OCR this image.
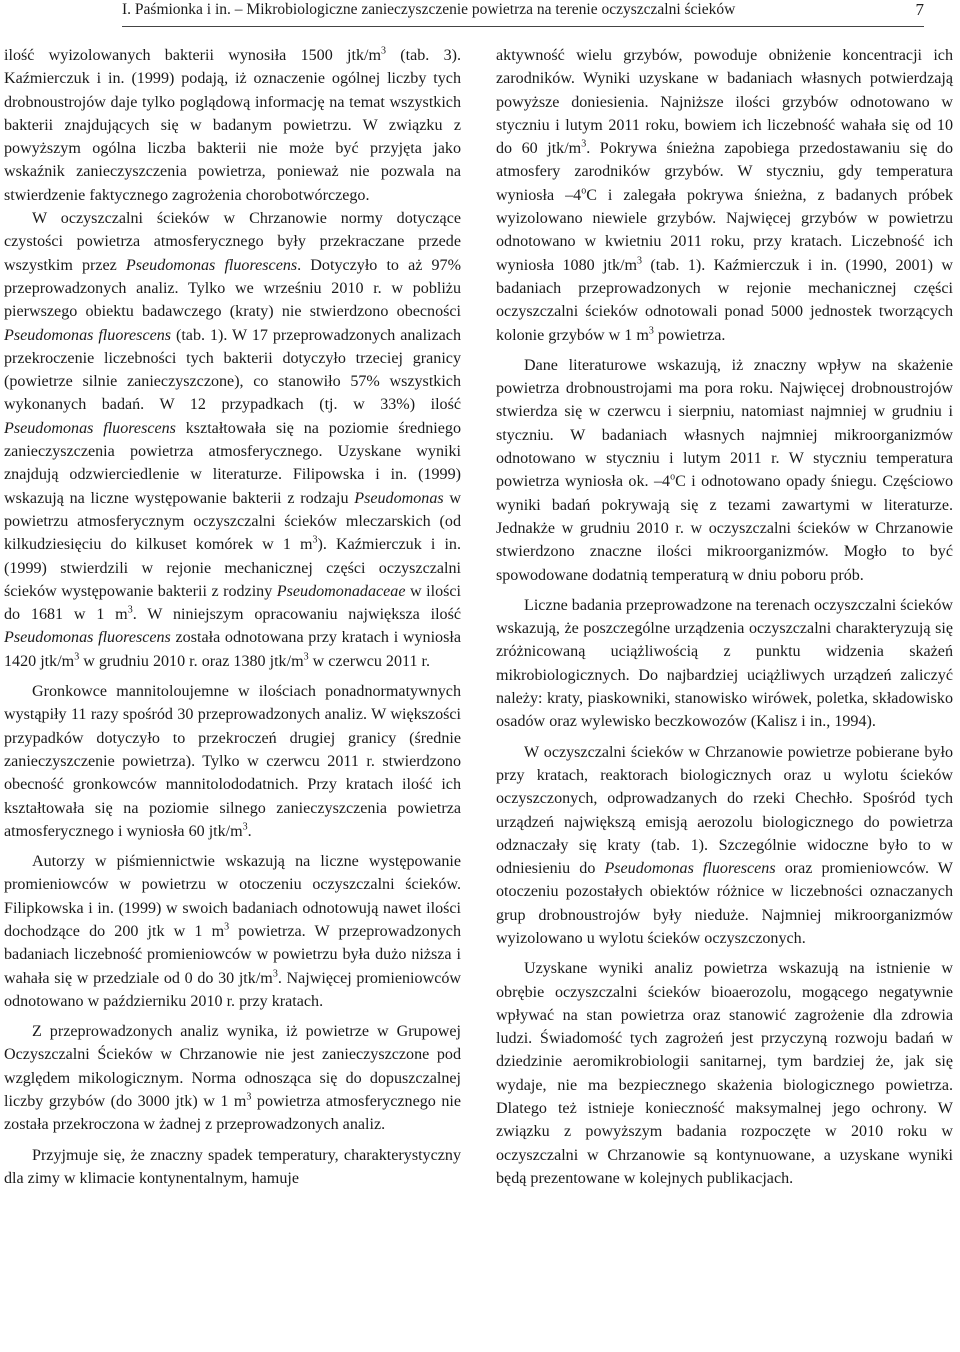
I. Paśmionka i in. – Mikrobiologiczne zanieczyszczenie powietrza na terenie oczyszczalni ścieków	7

ilość wyizolowanych bakterii wynosiła 1500 jtk/$m^3$ (tab. 3). Kaźmierczuk i in. (1999) podają, iż oznaczenie ogólnej liczby tych drobnoustrojów daje tylko poglądową informację na temat wszystkich bakterii znajdujących się w badanym powietrzu. W związku z powyższym ogólna liczba bakterii nie może być przyjęta jako wskaźnik zanieczyszczenia powietrza, ponieważ nie pozwala na stwierdzenie faktycznego zagrożenia chorobotwórczego.

W oczyszczalni ścieków w Chrzanowie normy dotyczące czystości powietrza atmosferycznego były przekraczane przede wszystkim przez Pseudomonas fluorescens. Dotyczyło to aż 97% przeprowadzonych analiz. Tylko we wrześniu 2010 r. w pobliżu pierwszego obiektu badawczego (kraty) nie stwierdzono obecności Pseudomonas fluorescens (tab. 1). W 17 przeprowadzonych analizach przekroczenie liczebności tych bakterii dotyczyło trzeciej granicy (powietrze silnie zanieczyszczone), co stanowiło 57% wszystkich wykonanych badań. W 12 przypadkach (tj. w 33%) ilość Pseudomonas fluorescens kształtowała się na poziomie średniego zanieczyszczenia powietrza atmosferycznego. Uzyskane wyniki znajdują odzwierciedlenie w literaturze. Filipowska i in. (1999) wskazują na liczne występowanie bakterii z rodzaju Pseudomonas w powietrzu atmosferycznym oczyszczalni ścieków mleczarskich (od kilkudziesięciu do kilkuset komórek w 1 $m^3$). Kaźmierczuk i in. (1999) stwierdzili w rejonie mechanicznej części oczyszczalni ścieków występowanie bakterii z rodziny Pseudomonadaceae w ilości do 1681 w 1 $m^3$. W niniejszym opracowaniu największa ilość Pseudomonas fluorescens została odnotowana przy kratach i wyniosła 1420 jtk/$m^3$ w grudniu 2010 r. oraz 1380 jtk/$m^3$ w czerwcu 2011 r.

Gronkowce mannitoloujemne w ilościach ponadnormatywnych wystąpiły 11 razy spośród 30 przeprowadzonych analiz. W większości przypadków dotyczyło to przekroczeń drugiej granicy (średnie zanieczyszczenie powietrza). Tylko w czerwcu 2011 r. stwierdzono obecność gronkowców mannitolododatnich. Przy kratach ilość ich kształtowała się na poziomie silnego zanieczyszczenia powietrza atmosferycznego i wyniosła 60 jtk/$m^3$.

Autorzy w piśmiennictwie wskazują na liczne występowanie promieniowców w powietrzu w otoczeniu oczyszczalni ścieków. Filipkowska i in. (1999) w swoich badaniach odnotowują nawet ilości dochodzące do 200 jtk w 1 $m^3$ powietrza. W przeprowadzonych badaniach liczebność promieniowców w powietrzu była dużo niższa i wahała się w przedziale od 0 do 30 jtk/$m^3$. Najwięcej promieniowców odnotowano w październiku 2010 r. przy kratach.

Z przeprowadzonych analiz wynika, iż powietrze w Grupowej Oczyszczalni Ścieków w Chrzanowie nie jest zanieczyszczone pod względem mikologicznym. Norma odnosząca się do dopuszczalnej liczby grzybów (do 3000 jtk) w 1 $m^3$ powietrza atmosferycznego nie została przekroczona w żadnej z przeprowadzonych analiz.

Przyjmuje się, że znaczny spadek temperatury, charakterystyczny dla zimy w klimacie kontynentalnym, hamuje

aktywność wielu grzybów, powoduje obniżenie koncentracji ich zarodników. Wyniki uzyskane w badaniach własnych potwierdzają powyższe doniesienia. Najniższe ilości grzybów odnotowano w styczniu i lutym 2011 roku, bowiem ich liczebność wahała się od 10 do 60 jtk/$m^3$. Pokrywa śnieżna zapobiega przedostawaniu się do atmosfery zarodników grzybów. W styczniu, gdy temperatura wyniosła –4$^o$C i zalegała pokrywa śnieżna, z badanych próbek wyizolowano niewiele grzybów. Najwięcej grzybów w powietrzu odnotowano w kwietniu 2011 roku, przy kratach. Liczebność ich wyniosła 1080 jtk/$m^3$ (tab. 1). Kaźmierczuk i in. (1990, 2001) w badaniach przeprowadzonych w rejonie mechanicznej części oczyszczalni ścieków odnotowali ponad 5000 jednostek tworzących kolonie grzybów w 1 $m^3$ powietrza.

Dane literaturowe wskazują, iż znaczny wpływ na skażenie powietrza drobnoustrojami ma pora roku. Najwięcej drobnoustrojów stwierdza się w czerwcu i sierpniu, natomiast najmniej w grudniu i styczniu. W badaniach własnych najmniej mikroorganizmów odnotowano w styczniu i lutym 2011 r. W styczniu temperatura powietrza wyniosła ok. –4$^o$C i odnotowano opady śniegu. Częściowo wyniki badań pokrywają się z tezami zawartymi w literaturze. Jednakże w grudniu 2010 r. w oczyszczalni ścieków w Chrzanowie stwierdzono znaczne ilości mikroorganizmów. Mogło to być spowodowane dodatnią temperaturą w dniu poboru prób.

Liczne badania przeprowadzone na terenach oczyszczalni ścieków wskazują, że poszczególne urządzenia oczyszczalni charakteryzują się zróżnicowaną uciążliwością z punktu widzenia skażeń mikrobiologicznych. Do najbardziej uciążliwych urządzeń zaliczyć należy: kraty, piaskowniki, stanowisko wirówek, poletka, składowisko osadów oraz wylewisko beczkowozów (Kalisz i in., 1994).

W oczyszczalni ścieków w Chrzanowie powietrze pobierane było przy kratach, reaktorach biologicznych oraz u wylotu ścieków oczyszczonych, odprowadzanych do rzeki Chechło. Spośród tych urządzeń największą emisją aerozolu biologicznego do powietrza odznaczały się kraty (tab. 1). Szczególnie widoczne było to w odniesieniu do Pseudomonas fluorescens oraz promieniowców. W otoczeniu pozostałych obiektów różnice w liczebności oznaczanych grup drobnoustrojów były nieduże. Najmniej mikroorganizmów wyizolowano u wylotu ścieków oczyszczonych.

Uzyskane wyniki analiz powietrza wskazują na istnienie w obrębie oczyszczalni ścieków bioaerozolu, mogącego negatywnie wpływać na stan powietrza oraz stanowić zagrożenie dla zdrowia ludzi. Świadomość tych zagrożeń jest przyczyną rozwoju badań w dziedzinie aeromikrobiologii sanitarnej, tym bardziej że, jak się wydaje, nie ma bezpiecznego skażenia biologicznego powietrza. Dlatego też istnieje konieczność maksymalnej jego ochrony. W związku z powyższym badania rozpoczęte w 2010 roku w oczyszczalni w Chrzanowie są kontynuowane, a uzyskane wyniki będą prezentowane w kolejnych publikacjach.
